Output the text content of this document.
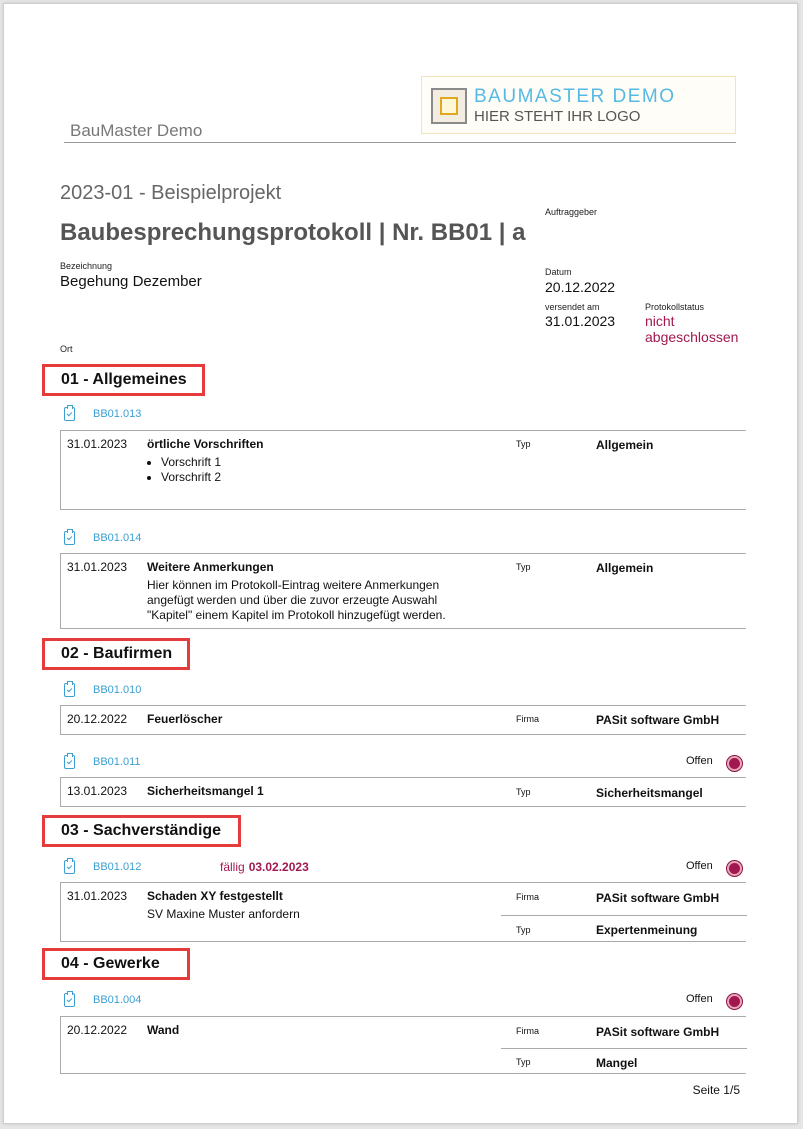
BauMaster Demo
BAUMASTER DEMO
HIER STEHT IHR LOGO
2023-01 - Beispielprojekt
Baubesprechungsprotokoll | Nr. BB01 | a
Auftraggeber
Bezeichnung
Begehung Dezember
Datum
20.12.2022
versendet am
31.01.2023
Protokollstatus
nicht
abgeschlossen
Ort
01 - Allgemeines
BB01.013
31.01.2023 örtliche Vorschriften
• Vorschrift 1
• Vorschrift 2
Typ	Allgemein
BB01.014
31.01.2023 Weitere Anmerkungen
Hier können im Protokoll-Eintrag weitere Anmerkungen
angefügt werden und über die zuvor erzeugte Auswahl
"Kapitel" einem Kapitel im Protokoll hinzugefügt werden.
Typ	Allgemein
02 - Baufirmen
BB01.010
20.12.2022 Feuerlöscher	Firma	PASit software GmbH
BB01.011	Offen
13.01.2023 Sicherheitsmangel 1	Typ	Sicherheitsmangel
03 - Sachverständige
BB01.012	fällig 03.02.2023	Offen
31.01.2023 Schaden XY festgestellt
SV Maxine Muster anfordern
Firma	PASit software GmbH
Typ	Expertenmeinung
04 - Gewerke
BB01.004	Offen
20.12.2022 Wand	Firma	PASit software GmbH
Typ	Mangel
Seite 1/5
